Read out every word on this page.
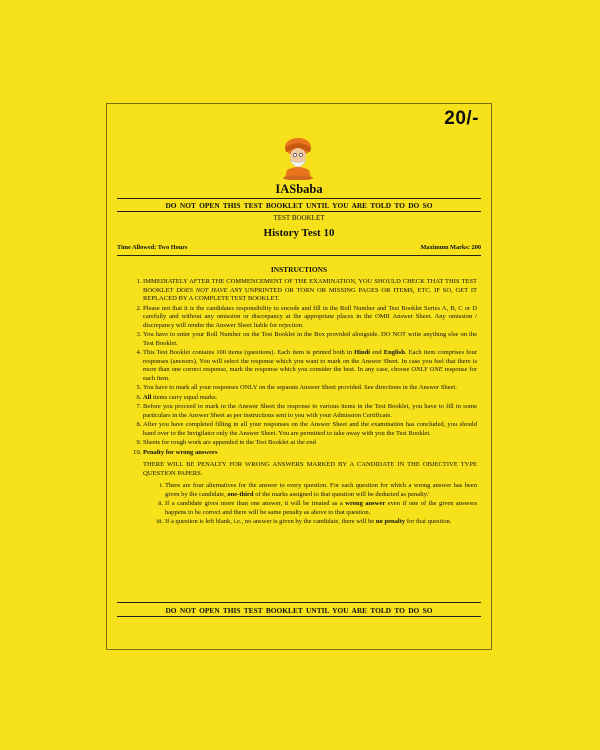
20/-
IASbaba
DO NOT OPEN THIS TEST BOOKLET UNTIL YOU ARE TOLD TO DO SO
TEST BOOKLET
History Test 10
Time Allowed: Two Hours	Maximum Marks: 200
INSTRUCTIONS
1. IMMEDIATELY AFTER THE COMMENCEMENT OF THE EXAMINATION, YOU SHOULD CHECK THAT THIS TEST BOOKLET DOES NOT HAVE ANY UNPRINTED OR TORN OR MISSING PAGES OR ITEMS, ETC. IF SO, GET IT REPLACED BY A COMPLETE TEST BOOKLET.
2. Please not that it is the candidates responsibility to encode and fill in the Roll Number and Test Booklet Series A, B, C or D carefully and without any omission or discrepancy at the appropriate places in the OMR Answer Sheet. Any omission / discrepancy will render the Answer Sheet liable for rejection.
3. You have to enter your Roll Number on the Test Booklet in the Box provided alongside. DO NOT write anything else on the Test Booklet.
4. This Test Booklet contains 100 items (questions). Each item is printed both in Hindi end English. Each item comprises four responses (answers). You will select the response which you want to mark on the Answer Sheet. In case you feel that there is more than one correct response, mark the response which you consider the best. In any case, choose ONLY ONE response for each item.
5. You have to mark all your responses ONLY on the separate Answer Sheet provided. See directions in the Answer Sheet.
6. All items carry equal marks.
7. Before you proceed to mark in the Answer Sheet the response to various items in the Test Booklet, you have to fill in some particulars in the Answer Sheet as per instructions sent to you with your Admission Certificate.
8. After you have completed filling in all your responses on the Answer Sheet and the examination has concluded, you should hand over to the Invigilator only the Answer Sheet. You are permitted to take away with you the Test Booklet.
9. Sheets for rough work are appended in the Test Booklet at the end
10. Penalty for wrong answers
THERE WILL BE PENALTY FOR WRONG ANSWERS MARKED BY A CANDIDATE IN THE OBJECTIVE TYPE QUESTION PAPERS.
i. There are four alternatives for the answer to every question. For each question for which a wrong answer has been given by the candidate, one-third of the marks assigned to that question will be deducted as penalty.'
ii. If a candidate gives more than one answer, it will be treated as a wrong answer even if one of the given answers happens to be correct and there will be same penalty as above to that question.
iii. If a question is left blank, i.e., no answer is given by the candidate, there will be no penalty for that question.
DO NOT OPEN THIS TEST BOOKLET UNTIL YOU ARE TOLD TO DO SO
